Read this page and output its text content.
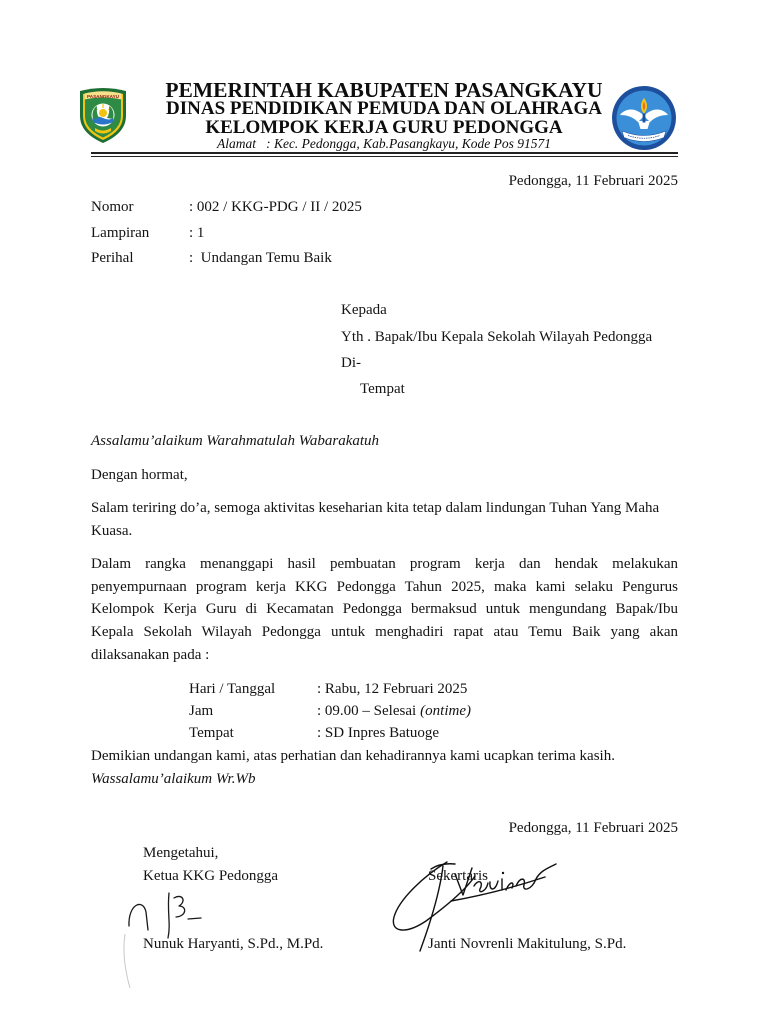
PASANGKAYU	PEMERINTAH KABUPATEN PASANGKAYU
DINAS PENDIDIKAN PEMUDA DAN OLAHRAGA
KELOMPOK KERJA GURU PEDONGGA
Alamat   : Kec. Pedongga, Kab.Pasangkayu, Kode Pos 91571
Pedongga, 11 Februari 2025
Nomor	: 002 / KKG-PDG / II / 2025
Lampiran	: 1
Perihal	:  Undangan Temu Baik
Kepada
Yth . Bapak/Ibu Kepala Sekolah Wilayah Pedongga
Di-
Tempat
Assalamu’alaikum Warahmatulah Wabarakatuh
Dengan hormat,
Salam teriring do’a, semoga aktivitas keseharian kita tetap dalam lindungan Tuhan Yang Maha
Kuasa.
Dalam rangka menanggapi hasil pembuatan program kerja dan hendak melakukan
penyempurnaan program kerja KKG Pedongga Tahun 2025, maka kami selaku Pengurus
Kelompok Kerja Guru di Kecamatan Pedongga bermaksud untuk mengundang Bapak/Ibu
Kepala Sekolah Wilayah Pedongga untuk menghadiri rapat atau Temu Baik yang akan
dilaksanakan pada :
Hari / Tanggal	: Rabu, 12 Februari 2025
Jam	: 09.00 – Selesai (ontime)
Tempat	: SD Inpres Batuoge
Demikian undangan kami, atas perhatian dan kehadirannya kami ucapkan terima kasih.
Wassalamu’alaikum Wr.Wb
Pedongga, 11 Februari 2025
Mengetahui,
Ketua KKG Pedongga	Sekertaris
Nunuk Haryanti, S.Pd., M.Pd.	Janti Novrenli Makitulung, S.Pd.
